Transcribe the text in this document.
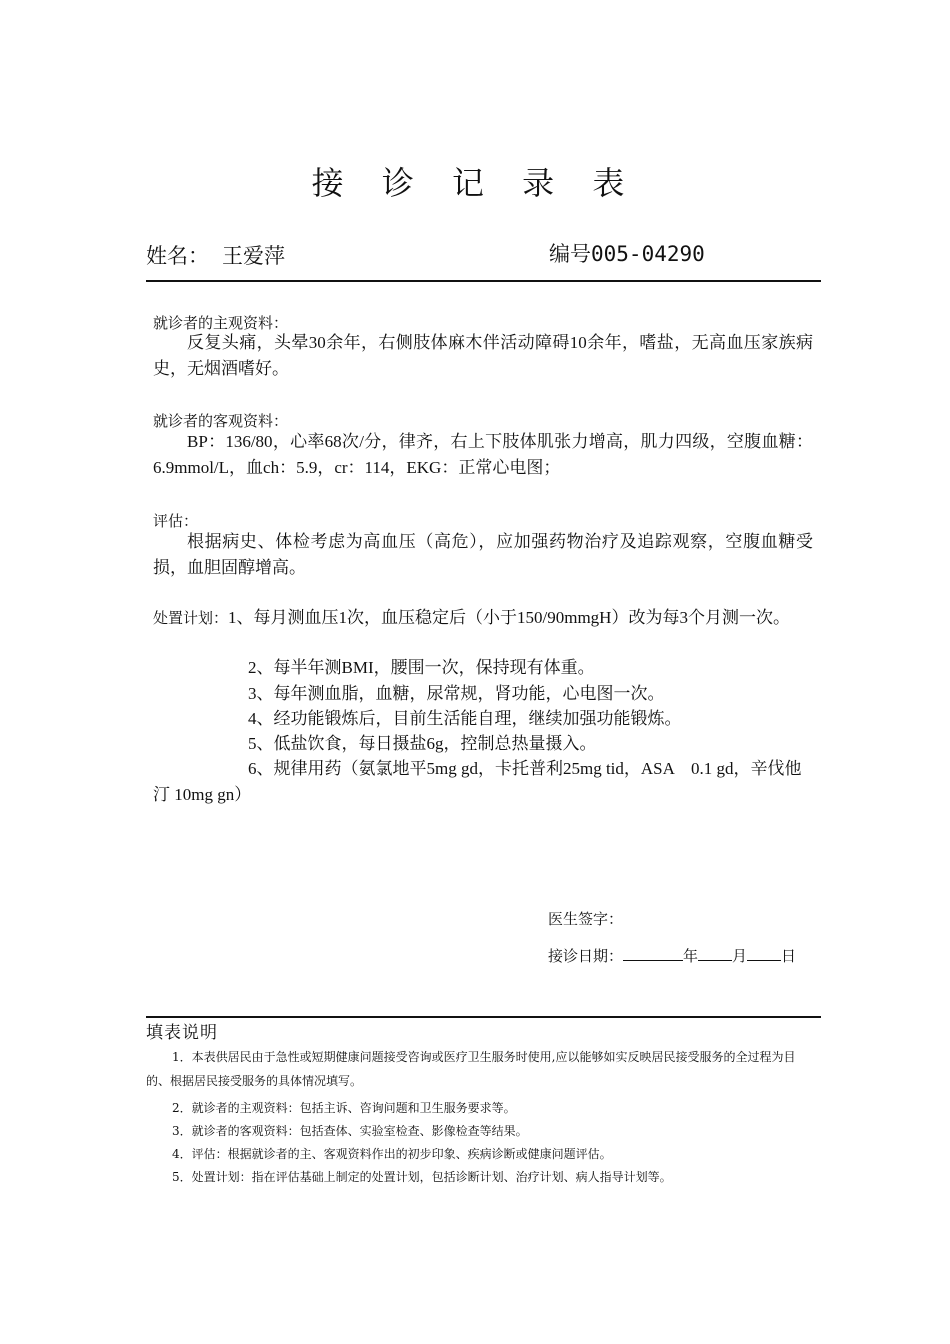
接 诊 记 录 表
姓名： 王爱萍	编号005-04290
就诊者的主观资料：
反复头痛，头晕30余年，右侧肢体麻木伴活动障碍10余年，嗜盐，无高血压家族病史，无烟酒嗜好。
就诊者的客观资料：
BP：136/80，心率68次/分，律齐，右上下肢体肌张力增高，肌力四级，空腹血糖：6.9mmol/L，血ch：5.9，cr：114，EKG：正常心电图；
评估：
根据病史、体检考虑为高血压（高危），应加强药物治疗及追踪观察，空腹血糖受损，血胆固醇增高。
处置计划：1、每月测血压1次，血压稳定后（小于150/90mmgH）改为每3个月测一次。
2、每半年测BMI，腰围一次，保持现有体重。
3、每年测血脂，血糖，尿常规，肾功能，心电图一次。
4、经功能锻炼后，目前生活能自理，继续加强功能锻炼。
5、低盐饮食，每日摄盐6g，控制总热量摄入。
6、规律用药（氨氯地平5mg gd，卡托普利25mg tid，ASA　0.1 gd，辛伐他汀 10mg gn）
医生签字：
接诊日期：	年 月 日
填表说明
1．本表供居民由于急性或短期健康问题接受咨询或医疗卫生服务时使用,应以能够如实反映居民接受服务的全过程为目的、根据居民接受服务的具体情况填写。
2．就诊者的主观资料：包括主诉、咨询问题和卫生服务要求等。
3．就诊者的客观资料：包括查体、实验室检查、影像检查等结果。
4．评估：根据就诊者的主、客观资料作出的初步印象、疾病诊断或健康问题评估。
5．处置计划：指在评估基础上制定的处置计划，包括诊断计划、治疗计划、病人指导计划等。
